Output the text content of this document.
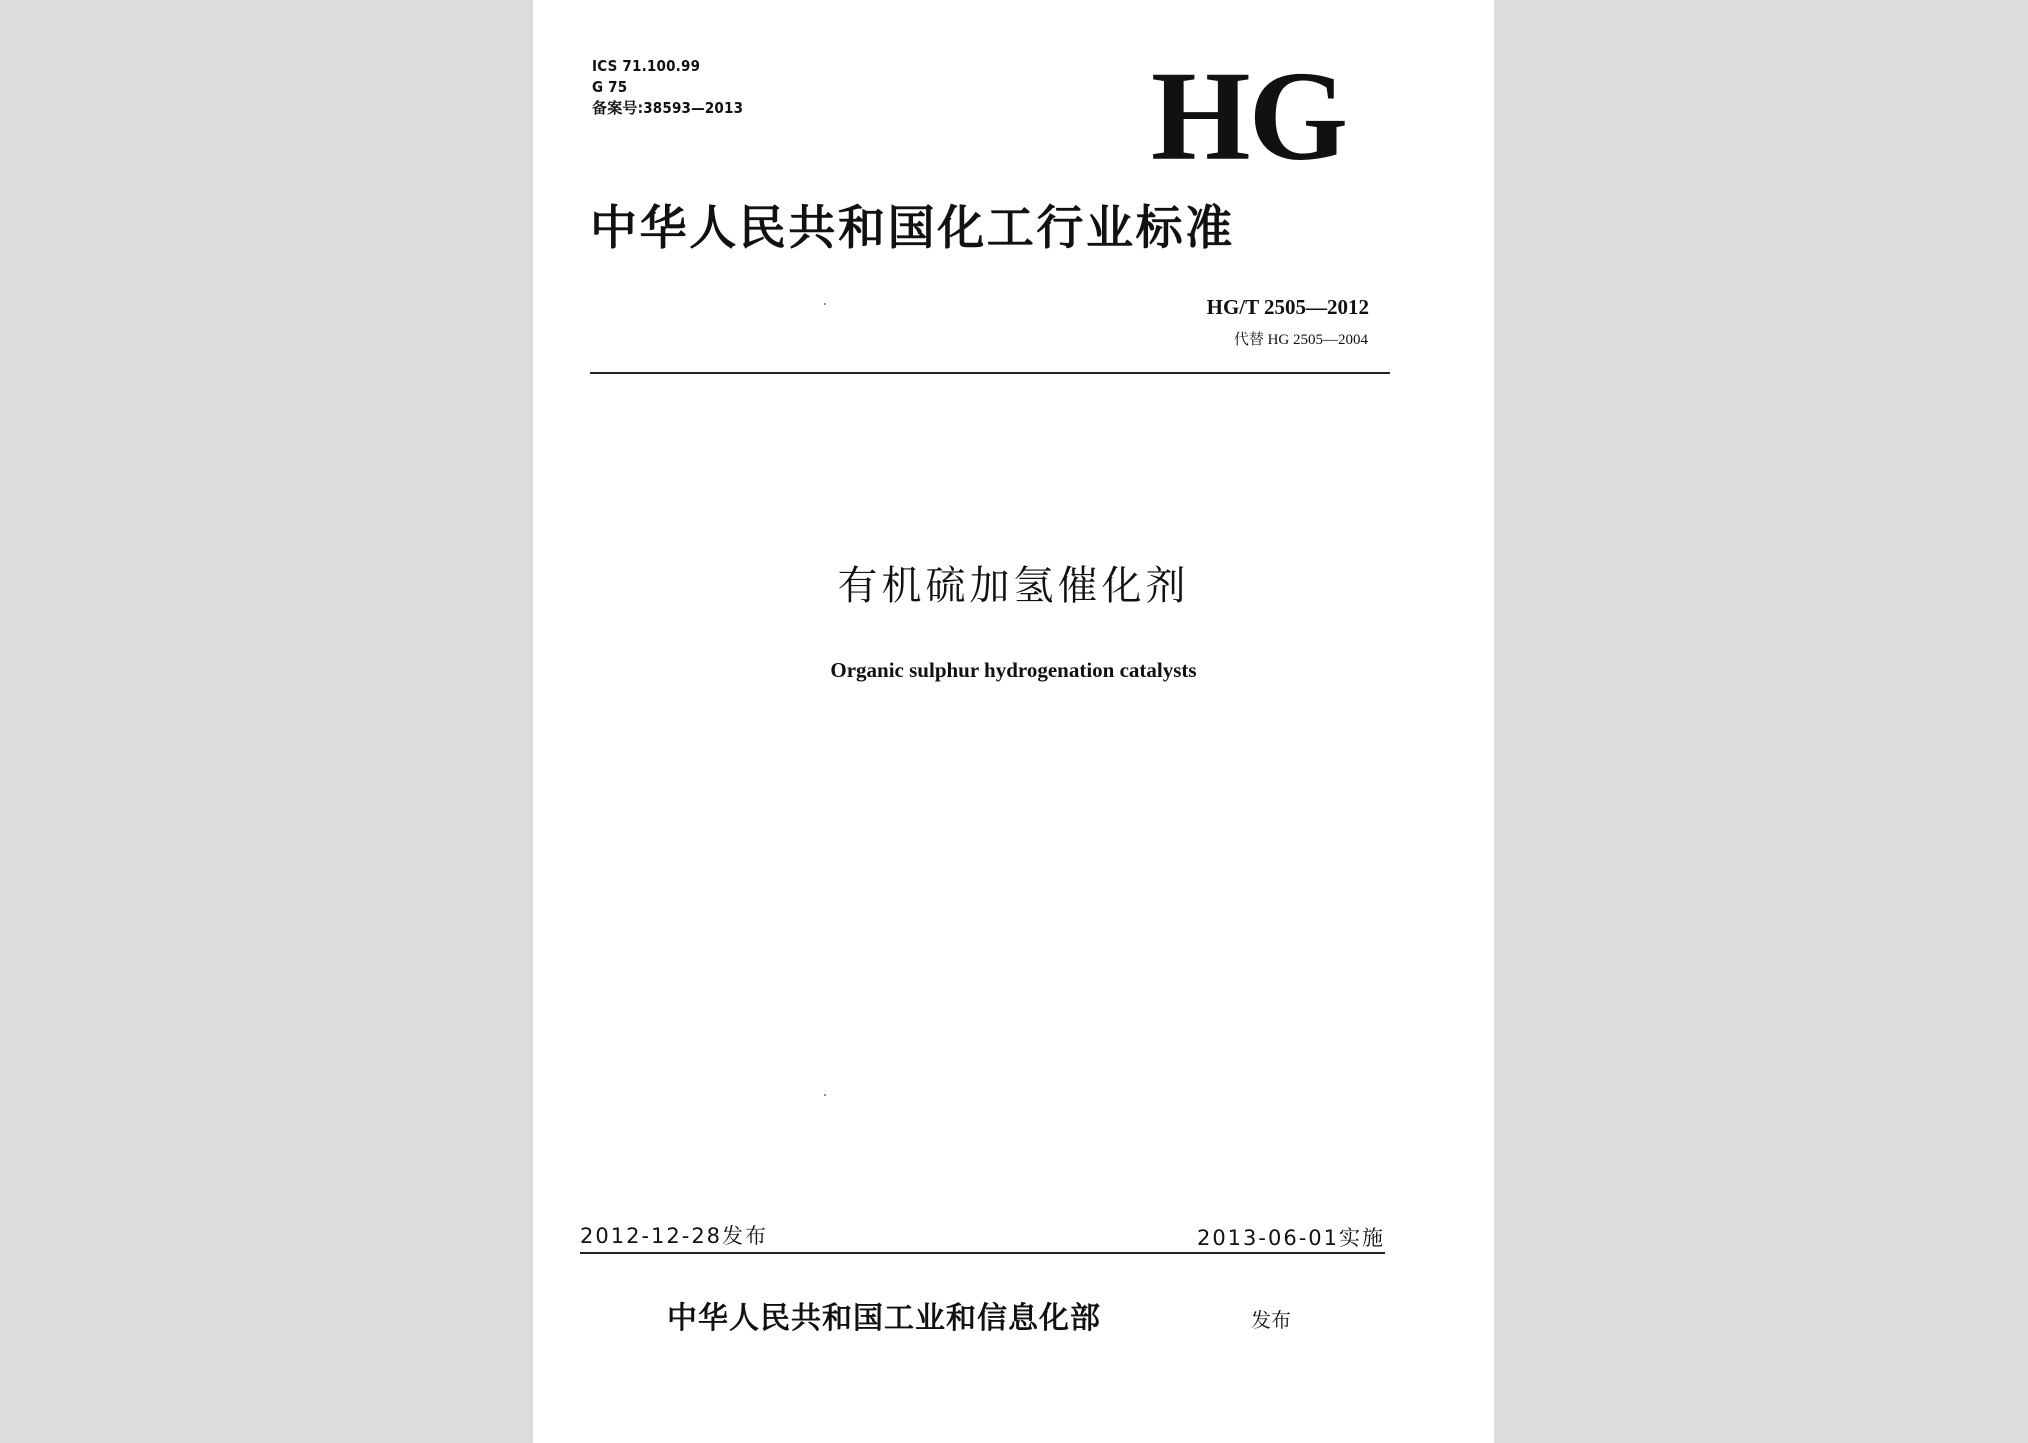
ICS 71.100.99
G 75
备案号:38593—2013	HG
中华人民共和国化工行业标准
HG/T 2505—2012
代替 HG 2505—2004
有机硫加氢催化剂
Organic sulphur hydrogenation catalysts
2012-12-28发布	2013-06-01实施
中华人民共和国工业和信息化部	发布
